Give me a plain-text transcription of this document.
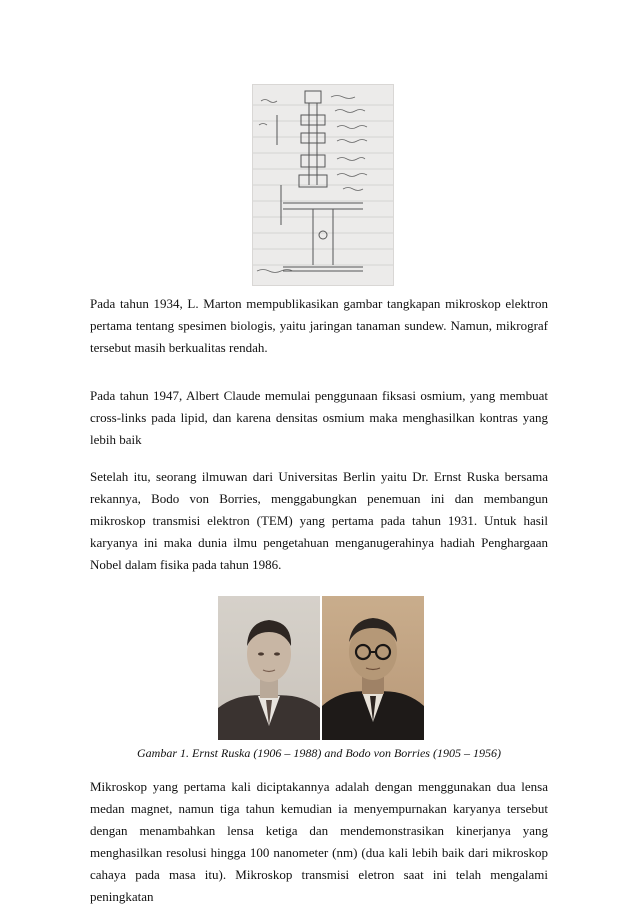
Pada tahun 1934, L. Marton mempublikasikan gambar tangkapan mikroskop elektron pertama tentang spesimen biologis, yaitu jaringan tanaman sundew. Namun, mikrograf tersebut masih berkualitas rendah.

Pada tahun 1947, Albert Claude memulai penggunaan fiksasi osmium, yang membuat cross-links pada lipid, dan karena densitas osmium maka menghasilkan kontras yang lebih baik

Setelah itu, seorang ilmuwan dari Universitas Berlin yaitu Dr. Ernst Ruska bersama rekannya, Bodo von Borries, menggabungkan penemuan ini dan membangun mikroskop transmisi elektron (TEM) yang pertama pada tahun 1931. Untuk hasil karyanya ini maka dunia ilmu pengetahuan menganugerahinya hadiah Penghargaan Nobel dalam fisika pada tahun 1986.

Gambar 1. Ernst Ruska (1906 – 1988) and Bodo von Borries (1905 – 1956)

Mikroskop yang pertama kali diciptakannya adalah dengan menggunakan dua lensa medan magnet, namun tiga tahun kemudian ia menyempurnakan karyanya tersebut dengan menambahkan lensa ketiga dan mendemonstrasikan kinerjanya yang menghasilkan resolusi hingga 100 nanometer (nm) (dua kali lebih baik dari mikroskop cahaya pada masa itu). Mikroskop transmisi eletron saat ini telah mengalami peningkatan
